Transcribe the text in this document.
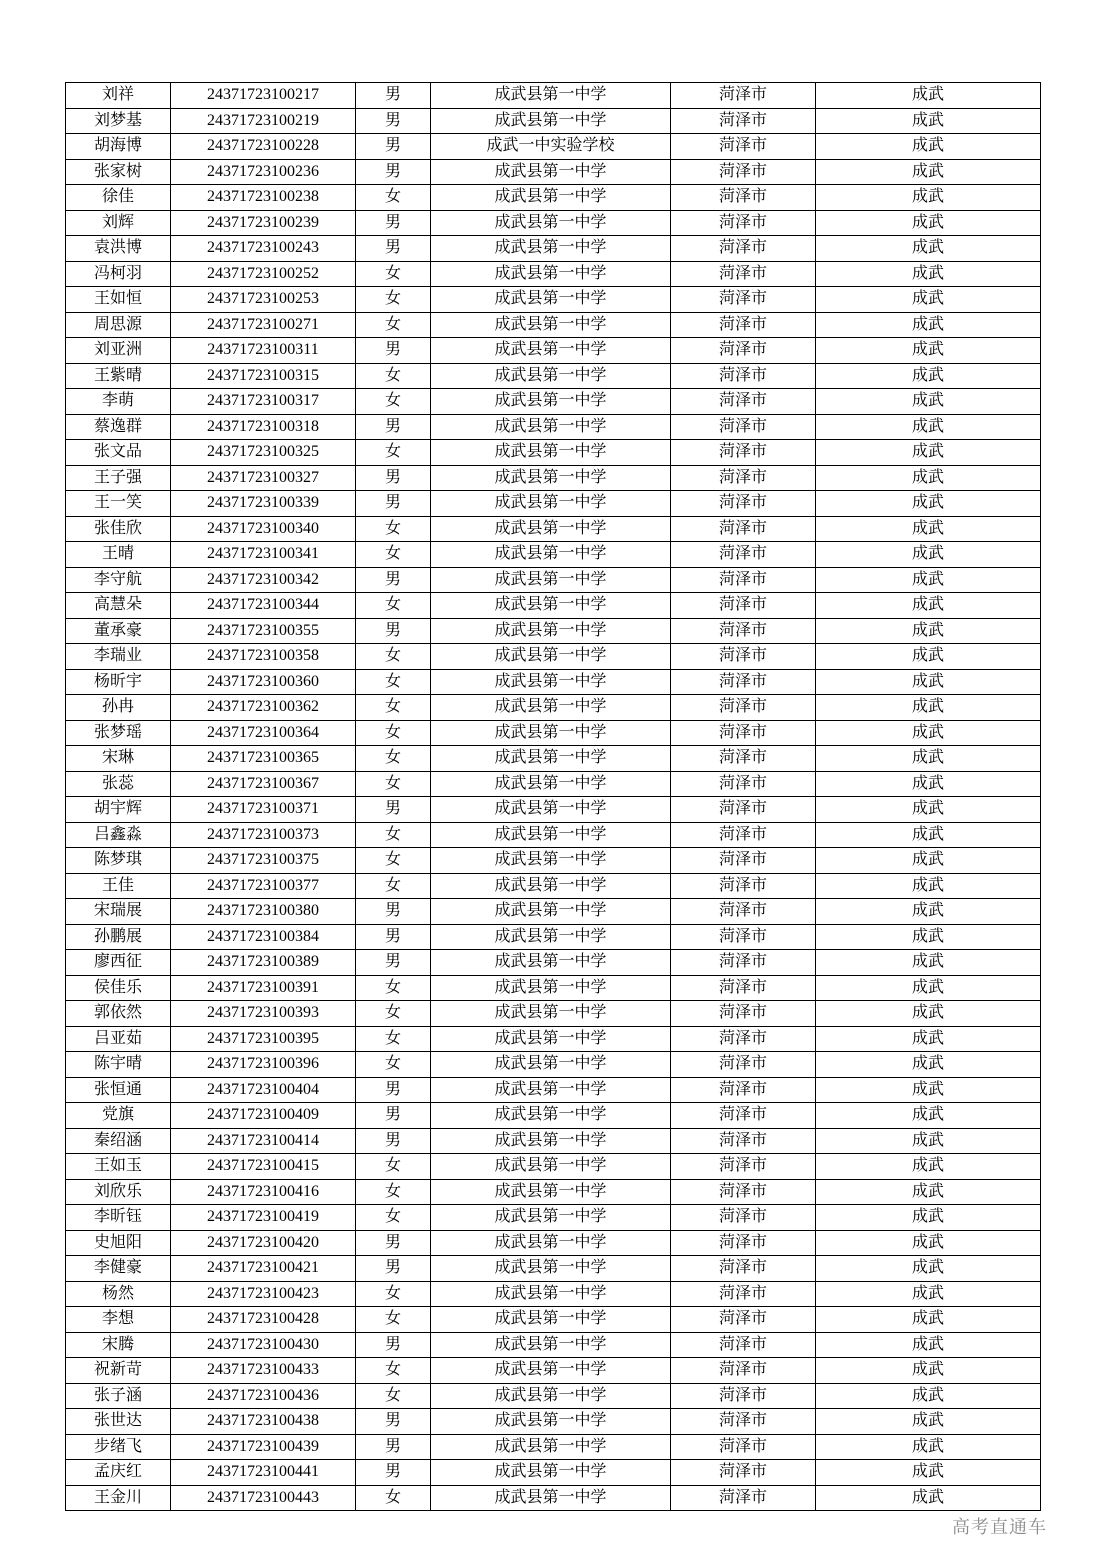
刘祥	24371723100217	男	成武县第一中学	菏泽市	成武
刘梦基	24371723100219	男	成武县第一中学	菏泽市	成武
胡海博	24371723100228	男	成武一中实验学校	菏泽市	成武
张家树	24371723100236	男	成武县第一中学	菏泽市	成武
徐佳	24371723100238	女	成武县第一中学	菏泽市	成武
刘辉	24371723100239	男	成武县第一中学	菏泽市	成武
袁洪博	24371723100243	男	成武县第一中学	菏泽市	成武
冯柯羽	24371723100252	女	成武县第一中学	菏泽市	成武
王如恒	24371723100253	女	成武县第一中学	菏泽市	成武
周思源	24371723100271	女	成武县第一中学	菏泽市	成武
刘亚洲	24371723100311	男	成武县第一中学	菏泽市	成武
王紫晴	24371723100315	女	成武县第一中学	菏泽市	成武
李萌	24371723100317	女	成武县第一中学	菏泽市	成武
蔡逸群	24371723100318	男	成武县第一中学	菏泽市	成武
张文品	24371723100325	女	成武县第一中学	菏泽市	成武
王子强	24371723100327	男	成武县第一中学	菏泽市	成武
王一笑	24371723100339	男	成武县第一中学	菏泽市	成武
张佳欣	24371723100340	女	成武县第一中学	菏泽市	成武
王晴	24371723100341	女	成武县第一中学	菏泽市	成武
李守航	24371723100342	男	成武县第一中学	菏泽市	成武
高慧朵	24371723100344	女	成武县第一中学	菏泽市	成武
董承豪	24371723100355	男	成武县第一中学	菏泽市	成武
李瑞业	24371723100358	女	成武县第一中学	菏泽市	成武
杨昕宇	24371723100360	女	成武县第一中学	菏泽市	成武
孙冉	24371723100362	女	成武县第一中学	菏泽市	成武
张梦瑶	24371723100364	女	成武县第一中学	菏泽市	成武
宋琳	24371723100365	女	成武县第一中学	菏泽市	成武
张蕊	24371723100367	女	成武县第一中学	菏泽市	成武
胡宇辉	24371723100371	男	成武县第一中学	菏泽市	成武
吕鑫淼	24371723100373	女	成武县第一中学	菏泽市	成武
陈梦琪	24371723100375	女	成武县第一中学	菏泽市	成武
王佳	24371723100377	女	成武县第一中学	菏泽市	成武
宋瑞展	24371723100380	男	成武县第一中学	菏泽市	成武
孙鹏展	24371723100384	男	成武县第一中学	菏泽市	成武
廖西征	24371723100389	男	成武县第一中学	菏泽市	成武
侯佳乐	24371723100391	女	成武县第一中学	菏泽市	成武
郭依然	24371723100393	女	成武县第一中学	菏泽市	成武
吕亚茹	24371723100395	女	成武县第一中学	菏泽市	成武
陈宇晴	24371723100396	女	成武县第一中学	菏泽市	成武
张恒通	24371723100404	男	成武县第一中学	菏泽市	成武
党旗	24371723100409	男	成武县第一中学	菏泽市	成武
秦绍涵	24371723100414	男	成武县第一中学	菏泽市	成武
王如玉	24371723100415	女	成武县第一中学	菏泽市	成武
刘欣乐	24371723100416	女	成武县第一中学	菏泽市	成武
李昕钰	24371723100419	女	成武县第一中学	菏泽市	成武
史旭阳	24371723100420	男	成武县第一中学	菏泽市	成武
李健豪	24371723100421	男	成武县第一中学	菏泽市	成武
杨然	24371723100423	女	成武县第一中学	菏泽市	成武
李想	24371723100428	女	成武县第一中学	菏泽市	成武
宋腾	24371723100430	男	成武县第一中学	菏泽市	成武
祝新苛	24371723100433	女	成武县第一中学	菏泽市	成武
张子涵	24371723100436	女	成武县第一中学	菏泽市	成武
张世达	24371723100438	男	成武县第一中学	菏泽市	成武
步绪飞	24371723100439	男	成武县第一中学	菏泽市	成武
孟庆红	24371723100441	男	成武县第一中学	菏泽市	成武
王金川	24371723100443	女	成武县第一中学	菏泽市	成武
高考直通车
